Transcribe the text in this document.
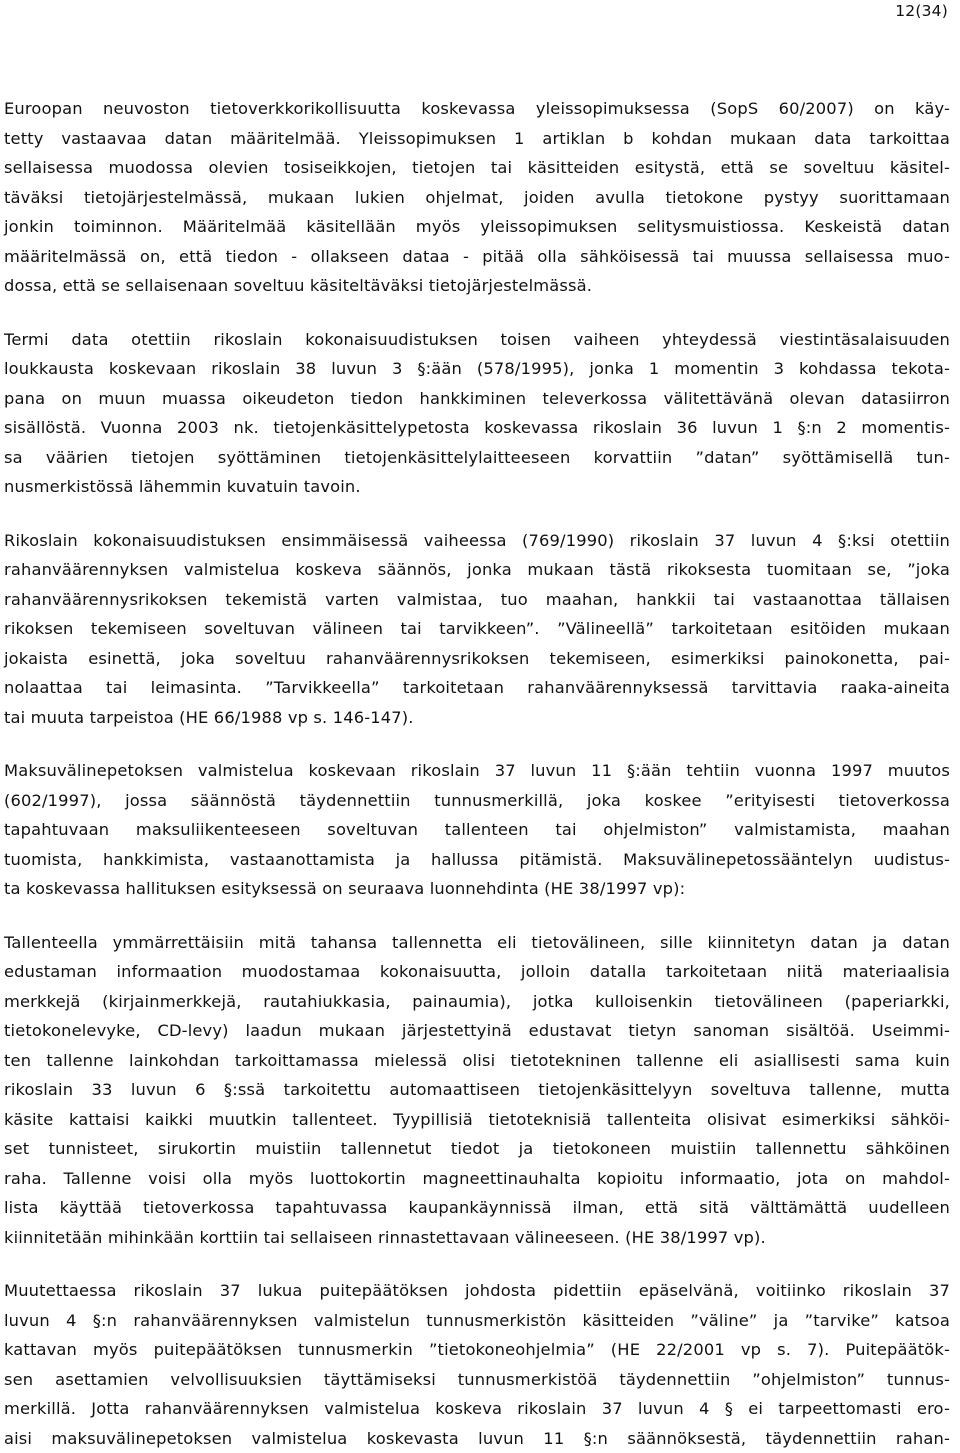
12(34)

Euroopan neuvoston tietoverkkorikollisuutta koskevassa yleissopimuksessa (SopS 60/2007) on käy-
tetty vastaavaa datan määritelmää. Yleissopimuksen 1 artiklan b kohdan mukaan data tarkoittaa
sellaisessa muodossa olevien tosiseikkojen, tietojen tai käsitteiden esitystä, että se soveltuu käsitel-
täväksi tietojärjestelmässä, mukaan lukien ohjelmat, joiden avulla tietokone pystyy suorittamaan
jonkin toiminnon. Määritelmää käsitellään myös yleissopimuksen selitysmuistiossa. Keskeistä datan
määritelmässä on, että tiedon - ollakseen dataa - pitää olla sähköisessä tai muussa sellaisessa muo-
dossa, että se sellaisenaan soveltuu käsiteltäväksi tietojärjestelmässä.

Termi data otettiin rikoslain kokonaisuudistuksen toisen vaiheen yhteydessä viestintäsalaisuuden
loukkausta koskevaan rikoslain 38 luvun 3 §:ään (578/1995), jonka 1 momentin 3 kohdassa tekota-
pana on muun muassa oikeudeton tiedon hankkiminen televerkossa välitettävänä olevan datasiirron
sisällöstä. Vuonna 2003 nk. tietojenkäsittelypetosta koskevassa rikoslain 36 luvun 1 §:n 2 momentis-
sa väärien tietojen syöttäminen tietojenkäsittelylaitteeseen korvattiin ”datan” syöttämisellä tun-
nusmerkistössä lähemmin kuvatuin tavoin.

Rikoslain kokonaisuudistuksen ensimmäisessä vaiheessa (769/1990) rikoslain 37 luvun 4 §:ksi otettiin
rahanväärennyksen valmistelua koskeva säännös, jonka mukaan tästä rikoksesta tuomitaan se, ”joka
rahanväärennysrikoksen tekemistä varten valmistaa, tuo maahan, hankkii tai vastaanottaa tällaisen
rikoksen tekemiseen soveltuvan välineen tai tarvikkeen”. ”Välineellä” tarkoitetaan esitöiden mukaan
jokaista esinettä, joka soveltuu rahanväärennysrikoksen tekemiseen, esimerkiksi painokonetta, pai-
nolaattaa tai leimasinta. ”Tarvikkeella” tarkoitetaan rahanväärennyksessä tarvittavia raaka-aineita
tai muuta tarpeistoa (HE 66/1988 vp s. 146-147).

Maksuvälinepetoksen valmistelua koskevaan rikoslain 37 luvun 11 §:ään tehtiin vuonna 1997 muutos
(602/1997), jossa säännöstä täydennettiin tunnusmerkillä, joka koskee ”erityisesti tietoverkossa
tapahtuvaan maksuliikenteeseen soveltuvan tallenteen tai ohjelmiston” valmistamista, maahan
tuomista, hankkimista, vastaanottamista ja hallussa pitämistä. Maksuvälinepetossääntelyn uudistus-
ta koskevassa hallituksen esityksessä on seuraava luonnehdinta (HE 38/1997 vp):

Tallenteella ymmärrettäisiin mitä tahansa tallennetta eli tietovälineen, sille kiinnitetyn datan ja datan
edustaman informaation muodostamaa kokonaisuutta, jolloin datalla tarkoitetaan niitä materiaalisia
merkkejä (kirjainmerkkejä, rautahiukkasia, painaumia), jotka kulloisenkin tietovälineen (paperiarkki,
tietokonelevyke, CD-levy) laadun mukaan järjestettyinä edustavat tietyn sanoman sisältöä. Useimmi-
ten tallenne lainkohdan tarkoittamassa mielessä olisi tietotekninen tallenne eli asiallisesti sama kuin
rikoslain 33 luvun 6 §:ssä tarkoitettu automaattiseen tietojenkäsittelyyn soveltuva tallenne, mutta
käsite kattaisi kaikki muutkin tallenteet. Tyypillisiä tietoteknisiä tallenteita olisivat esimerkiksi sähköi-
set tunnisteet, sirukortin muistiin tallennetut tiedot ja tietokoneen muistiin tallennettu sähköinen
raha. Tallenne voisi olla myös luottokortin magneettinauhalta kopioitu informaatio, jota on mahdol-
lista käyttää tietoverkossa tapahtuvassa kaupankäynnissä ilman, että sitä välttämättä uudelleen
kiinnitetään mihinkään korttiin tai sellaiseen rinnastettavaan välineeseen. (HE 38/1997 vp).

Muutettaessa rikoslain 37 lukua puitepäätöksen johdosta pidettiin epäselvänä, voitiinko rikoslain 37
luvun 4 §:n rahanväärennyksen valmistelun tunnusmerkistön käsitteiden ”väline” ja ”tarvike” katsoa
kattavan myös puitepäätöksen tunnusmerkin ”tietokoneohjelmia” (HE 22/2001 vp s. 7). Puitepäätök-
sen asettamien velvollisuuksien täyttämiseksi tunnusmerkistöä täydennettiin ”ohjelmiston” tunnus-
merkillä. Jotta rahanväärennyksen valmistelua koskeva rikoslain 37 luvun 4 § ei tarpeettomasti ero-
aisi maksuvälinepetoksen valmistelua koskevasta luvun 11 §:n säännöksestä, täydennettiin rahan-
